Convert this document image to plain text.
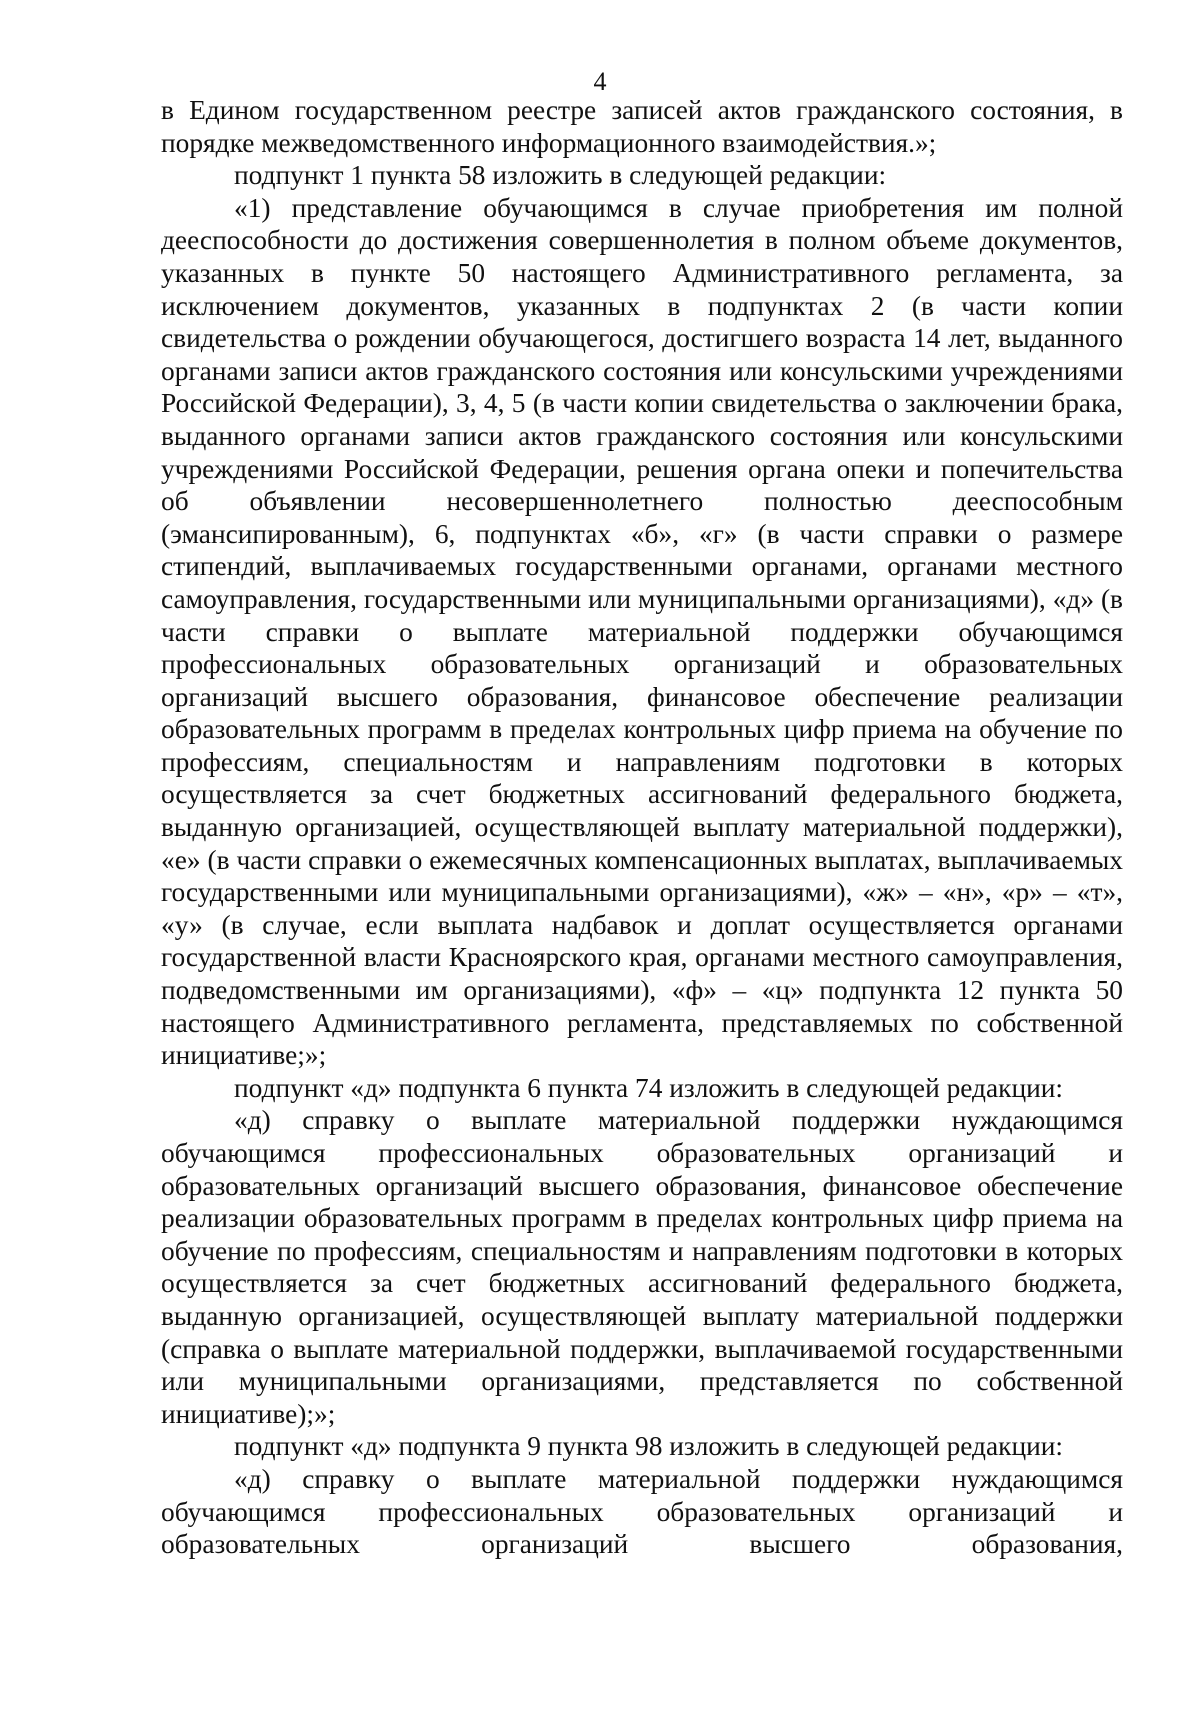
4

в Едином государственном реестре записей актов гражданского состояния, в порядке межведомственного информационного взаимодействия.»;

подпункт 1 пункта 58 изложить в следующей редакции:

«1) представление обучающимся в случае приобретения им полной дееспособности до достижения совершеннолетия в полном объеме документов, указанных в пункте 50 настоящего Административного регламента, за исключением документов, указанных в подпунктах 2 (в части копии свидетельства о рождении обучающегося, достигшего возраста 14 лет, выданного органами записи актов гражданского состояния или консульскими учреждениями Российской Федерации), 3, 4, 5 (в части копии свидетельства о заключении брака, выданного органами записи актов гражданского состояния или консульскими учреждениями Российской Федерации, решения органа опеки и попечительства об объявлении несовершеннолетнего полностью дееспособным (эмансипированным), 6, подпунктах «б», «г» (в части справки о размере стипендий, выплачиваемых государственными органами, органами местного самоуправления, государственными или муниципальными организациями), «д» (в части справки о выплате материальной поддержки обучающимся профессиональных образовательных организаций и образовательных организаций высшего образования, финансовое обеспечение реализации образовательных программ в пределах контрольных цифр приема на обучение по профессиям, специальностям и направлениям подготовки в которых осуществляется за счет бюджетных ассигнований федерального бюджета, выданную организацией, осуществляющей выплату материальной поддержки), «е» (в части справки о ежемесячных компенсационных выплатах, выплачиваемых государственными или муниципальными организациями), «ж» – «н», «р» – «т», «у» (в случае, если выплата надбавок и доплат осуществляется органами государственной власти Красноярского края, органами местного самоуправления, подведомственными им организациями), «ф» – «ц» подпункта 12 пункта 50 настоящего Административного регламента, представляемых по собственной инициативе;»;

подпункт «д» подпункта 6 пункта 74 изложить в следующей редакции:

«д) справку о выплате материальной поддержки нуждающимся обучающимся профессиональных образовательных организаций и образовательных организаций высшего образования, финансовое обеспечение реализации образовательных программ в пределах контрольных цифр приема на обучение по профессиям, специальностям и направлениям подготовки в которых осуществляется за счет бюджетных ассигнований федерального бюджета, выданную организацией, осуществляющей выплату материальной поддержки (справка о выплате материальной поддержки, выплачиваемой государственными или муниципальными организациями, представляется по собственной инициативе);»;

подпункт «д» подпункта 9 пункта 98 изложить в следующей редакции:

«д) справку о выплате материальной поддержки нуждающимся обучающимся профессиональных образовательных организаций и образовательных организаций высшего образования,
